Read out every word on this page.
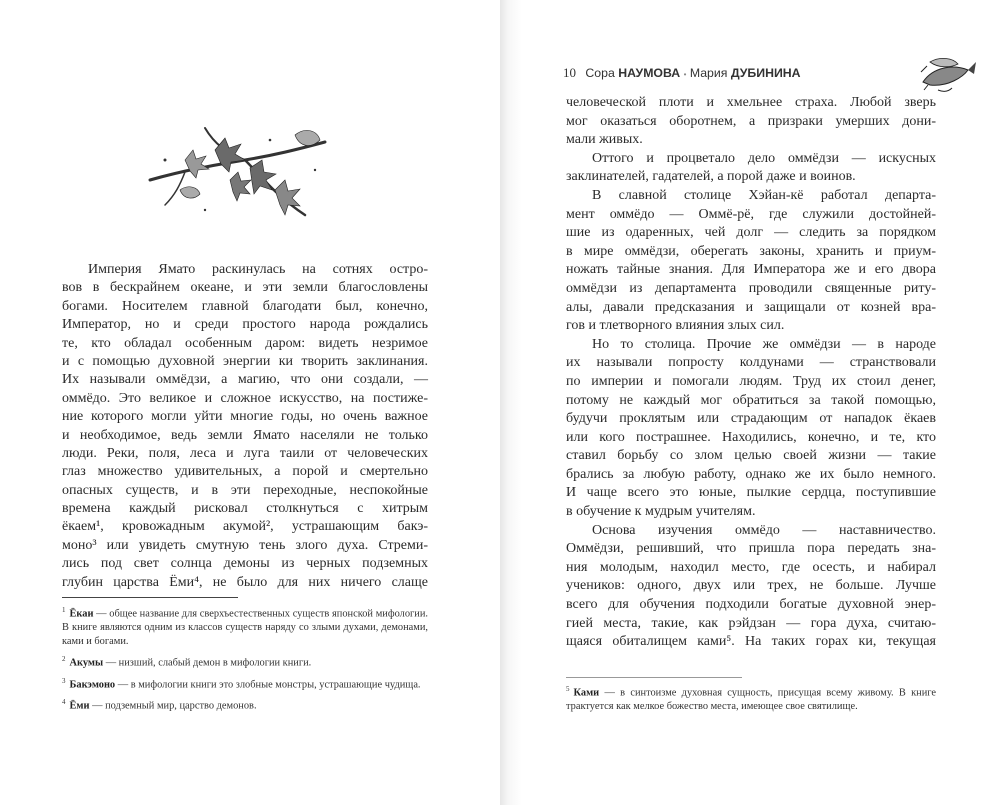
Империя Ямато раскинулась на сотнях остро-
вов в бескрайнем океане, и эти земли благословлены
богами. Носителем главной благодати был, конечно,
Император, но и среди простого народа рождались
те, кто обладал особенным даром: видеть незримое
и с помощью духовной энергии ки творить заклинания.
Их называли оммёдзи, а магию, что они создали, —
оммёдо. Это великое и сложное искусство, на постиже-
ние которого могли уйти многие годы, но очень важное
и необходимое, ведь земли Ямато населяли не только
люди. Реки, поля, леса и луга таили от человеческих
глаз множество удивительных, а порой и смертельно
опасных существ, и в эти переходные, неспокойные
времена каждый рисковал столкнуться с хитрым
ёкаем¹, кровожадным акумой², устрашающим бакэ-
моно³ или увидеть смутную тень злого духа. Стреми-
лись под свет солнца демоны из черных подземных
глубин царства Ёми⁴, не было для них ничего слаще
$^1$ Ёкаи — общее название для сверхъестественных существ японской мифологии. В книге являются одним из классов существ наряду со злыми духами, демонами, ками и богами.
$^2$ Акумы — низший, слабый демон в мифологии книги.
$^3$ Бакэмоно — в мифологии книги это злобные монстры, устрашающие чудища.
$^4$ Ёми — подземный мир, царство демонов.
10 Сора НАУМОВА • Мария ДУБИНИНА
человеческой плоти и хмельнее страха. Любой зверь
мог оказаться оборотнем, а призраки умерших дони-
мали живых.
Оттого и процветало дело оммёдзи — искусных
заклинателей, гадателей, а порой даже и воинов.
В славной столице Хэйан-кё работал департа-
мент оммёдо — Оммё-рё, где служили достойней-
шие из одаренных, чей долг — следить за порядком
в мире оммёдзи, оберегать законы, хранить и приум-
ножать тайные знания. Для Императора же и его двора
оммёдзи из департамента проводили священные риту-
алы, давали предсказания и защищали от козней вра-
гов и тлетворного влияния злых сил.
Но то столица. Прочие же оммёдзи — в народе
их называли попросту колдунами — странствовали
по империи и помогали людям. Труд их стоил денег,
потому не каждый мог обратиться за такой помощью,
будучи проклятым или страдающим от нападок ёкаев
или кого пострашнее. Находились, конечно, и те, кто
ставил борьбу со злом целью своей жизни — такие
брались за любую работу, однако же их было немного.
И чаще всего это юные, пылкие сердца, поступившие
в обучение к мудрым учителям.
Основа изучения оммёдо — наставничество.
Оммёдзи, решивший, что пришла пора передать зна-
ния молодым, находил место, где осесть, и набирал
учеников: одного, двух или трех, не больше. Лучше
всего для обучения подходили богатые духовной энер-
гией места, такие, как рэйдзан — гора духа, считаю-
щаяся обиталищем ками⁵. На таких горах ки, текущая
$^5$ Ками — в синтоизме духовная сущность, присущая всему живому. В книге трактуется как мелкое божество места, имеющее свое святилище.
